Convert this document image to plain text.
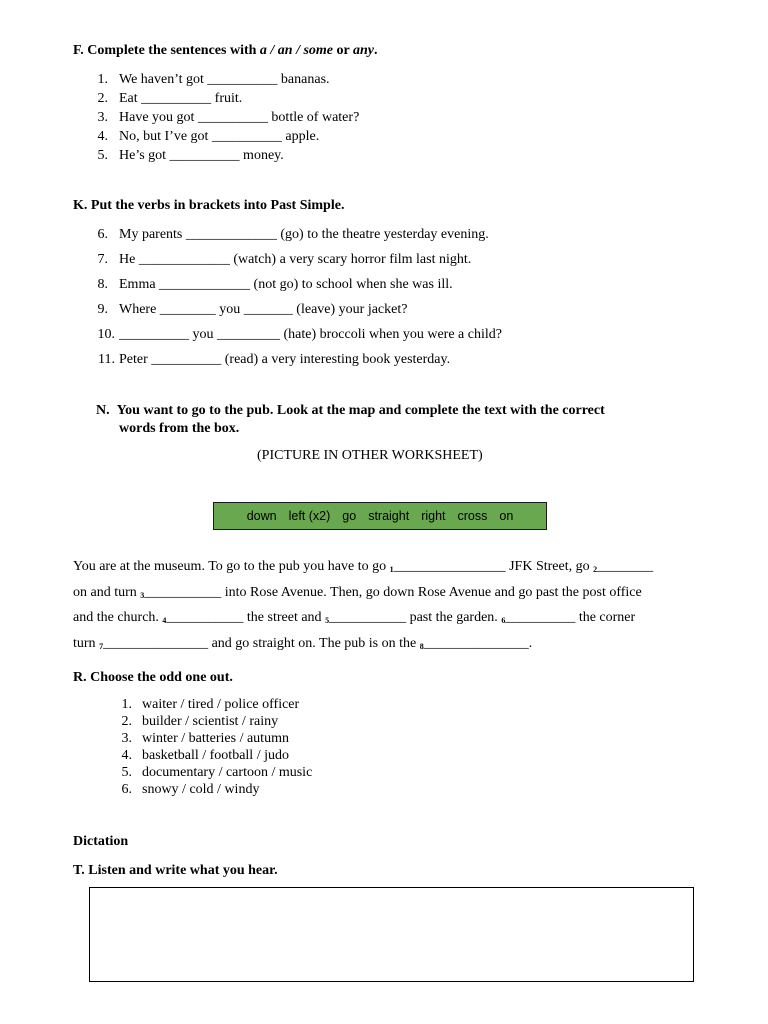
F. Complete the sentences with a / an / some or any.
1. We haven’t got __________ bananas.
2. Eat __________ fruit.
3. Have you got __________ bottle of water?
4. No, but I’ve got __________ apple.
5. He’s got __________ money.
K. Put the verbs in brackets into Past Simple.
6. My parents _____________ (go) to the theatre yesterday evening.
7. He _____________ (watch) a very scary horror film last night.
8. Emma _____________ (not go) to school when she was ill.
9. Where ________ you _______ (leave) your jacket?
10. __________ you _________ (hate) broccoli when you were a child?
11. Peter __________ (read) a very interesting book yesterday.
N.  You want to go to the pub. Look at the map and complete the text with the correct
words from the box.
(PICTURE IN OTHER WORKSHEET)
down left (x2) go straight right cross on
You are at the museum. To go to the pub you have to go $_1$________________ JFK Street, go $_2$________
on and turn $_3$___________ into Rose Avenue. Then, go down Rose Avenue and go past the post office
and the church. $_4$___________ the street and $_5$___________ past the garden. $_6$__________ the corner
turn $_7$_______________ and go straight on. The pub is on the $_8$_______________.
R. Choose the odd one out.
1. waiter / tired / police officer
2. builder / scientist / rainy
3. winter / batteries / autumn
4. basketball / football / judo
5. documentary / cartoon / music
6. snowy / cold / windy
Dictation
T. Listen and write what you hear.
